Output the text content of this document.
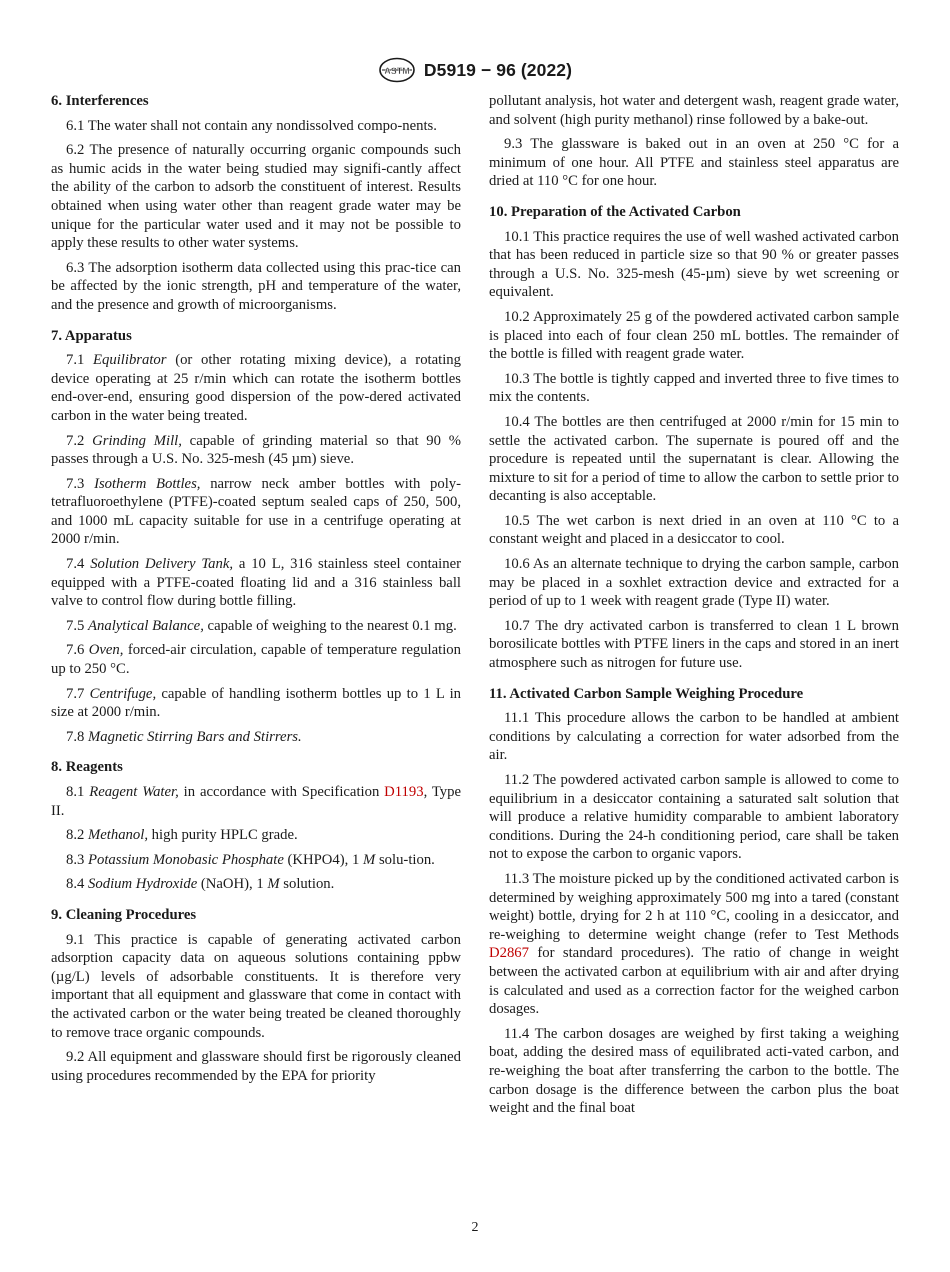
ASTM D5919 − 96 (2022)
6. Interferences

6.1 The water shall not contain any nondissolved compo-nents.

6.2 The presence of naturally occurring organic compounds such as humic acids in the water being studied may signifi-cantly affect the ability of the carbon to adsorb the constituent of interest. Results obtained when using water other than reagent grade water may be unique for the particular water used and it may not be possible to apply these results to other water systems.

6.3 The adsorption isotherm data collected using this prac-tice can be affected by the ionic strength, pH and temperature of the water, and the presence and growth of microorganisms.

7. Apparatus

7.1 Equilibrator (or other rotating mixing device), a rotating device operating at 25 r/min which can rotate the isotherm bottles end-over-end, ensuring good dispersion of the pow-dered activated carbon in the water being treated.

7.2 Grinding Mill, capable of grinding material so that 90 % passes through a U.S. No. 325-mesh (45 µm) sieve.

7.3 Isotherm Bottles, narrow neck amber bottles with poly-tetrafluoroethylene (PTFE)-coated septum sealed caps of 250, 500, and 1000 mL capacity suitable for use in a centrifuge operating at 2000 r/min.

7.4 Solution Delivery Tank, a 10 L, 316 stainless steel container equipped with a PTFE-coated floating lid and a 316 stainless ball valve to control flow during bottle filling.

7.5 Analytical Balance, capable of weighing to the nearest 0.1 mg.

7.6 Oven, forced-air circulation, capable of temperature regulation up to 250 °C.

7.7 Centrifuge, capable of handling isotherm bottles up to 1 L in size at 2000 r/min.

7.8 Magnetic Stirring Bars and Stirrers.

8. Reagents

8.1 Reagent Water, in accordance with Specification D1193, Type II.

8.2 Methanol, high purity HPLC grade.

8.3 Potassium Monobasic Phosphate (KHPO4), 1 M solu-tion.

8.4 Sodium Hydroxide (NaOH), 1 M solution.

9. Cleaning Procedures

9.1 This practice is capable of generating activated carbon adsorption capacity data on aqueous solutions containing ppbw (µg/L) levels of adsorbable constituents. It is therefore very important that all equipment and glassware that come in contact with the activated carbon or the water being treated be cleaned thoroughly to remove trace organic compounds.

9.2 All equipment and glassware should first be rigorously cleaned using procedures recommended by the EPA for priority

pollutant analysis, hot water and detergent wash, reagent grade water, and solvent (high purity methanol) rinse followed by a bake-out.

9.3 The glassware is baked out in an oven at 250 °C for a minimum of one hour. All PTFE and stainless steel apparatus are dried at 110 °C for one hour.

10. Preparation of the Activated Carbon

10.1 This practice requires the use of well washed activated carbon that has been reduced in particle size so that 90 % or greater passes through a U.S. No. 325-mesh (45-µm) sieve by wet screening or equivalent.

10.2 Approximately 25 g of the powdered activated carbon sample is placed into each of four clean 250 mL bottles. The remainder of the bottle is filled with reagent grade water.

10.3 The bottle is tightly capped and inverted three to five times to mix the contents.

10.4 The bottles are then centrifuged at 2000 r/min for 15 min to settle the activated carbon. The supernate is poured off and the procedure is repeated until the supernatant is clear. Allowing the mixture to sit for a period of time to allow the carbon to settle prior to decanting is also acceptable.

10.5 The wet carbon is next dried in an oven at 110 °C to a constant weight and placed in a desiccator to cool.

10.6 As an alternate technique to drying the carbon sample, carbon may be placed in a soxhlet extraction device and extracted for a period of up to 1 week with reagent grade (Type II) water.

10.7 The dry activated carbon is transferred to clean 1 L brown borosilicate bottles with PTFE liners in the caps and stored in an inert atmosphere such as nitrogen for future use.

11. Activated Carbon Sample Weighing Procedure

11.1 This procedure allows the carbon to be handled at ambient conditions by calculating a correction for water adsorbed from the air.

11.2 The powdered activated carbon sample is allowed to come to equilibrium in a desiccator containing a saturated salt solution that will produce a relative humidity comparable to ambient laboratory conditions. During the 24-h conditioning period, care shall be taken not to expose the carbon to organic vapors.

11.3 The moisture picked up by the conditioned activated carbon is determined by weighing approximately 500 mg into a tared (constant weight) bottle, drying for 2 h at 110 °C, cooling in a desiccator, and re-weighing to determine weight change (refer to Test Methods D2867 for standard procedures). The ratio of change in weight between the activated carbon at equilibrium with air and after drying is calculated and used as a correction factor for the weighed carbon dosages.

11.4 The carbon dosages are weighed by first taking a weighing boat, adding the desired mass of equilibrated acti-vated carbon, and re-weighing the boat after transferring the carbon to the bottle. The carbon dosage is the difference between the carbon plus the boat weight and the final boat

2
